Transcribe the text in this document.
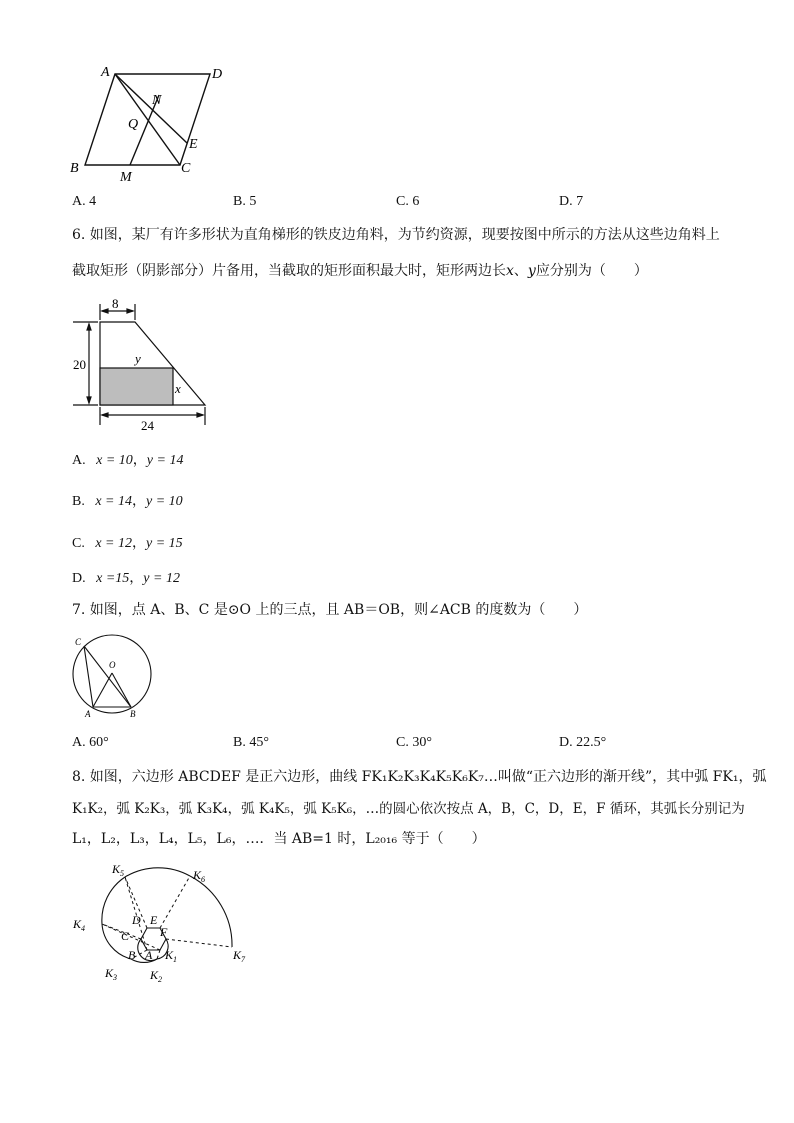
A	D
N
Q
E
B
M
C
A. 4	B. 5	C. 6	D. 7
6. 如图，某厂有许多形状为直角梯形的铁皮边角料，为节约资源，现要按图中所示的方法从这些边角料上
截取矩形（阴影部分）片备用，当截取的矩形面积最大时，矩形两边长x、y应分别为（　　）
8
20
24
y
x
A. x = 10，y = 14
B. x = 14，y = 10
C. x = 12，y = 15
D. x =15，y = 12
7. 如图，点 A、B、C 是⊙O 上的三点，且 AB＝OB，则∠ACB 的度数为（　　）
C
O
A	B
A. 60°	B. 45°	C. 30°	D. 22.5°
8. 如图，六边形 ABCDEF 是正六边形，曲线 FK₁K₂K₃K₄K₅K₆K₇…叫做“正六边形的渐开线”，其中弧 FK₁，弧
K₁K₂，弧 K₂K₃，弧 K₃K₄，弧 K₄K₅，弧 K₅K₆，…的圆心依次按点 A，B，C，D，E，F 循环，其弧长分别记为
L₁，L₂，L₃，L₄，L₅，L₆，…．当 AB=1 时，L₂₀₁₆ 等于（　　）
$K_5$	$K_6$
$K_4$
D E
C	F
B A $K_1$
$K_3$	$K_2$
$K_7$
